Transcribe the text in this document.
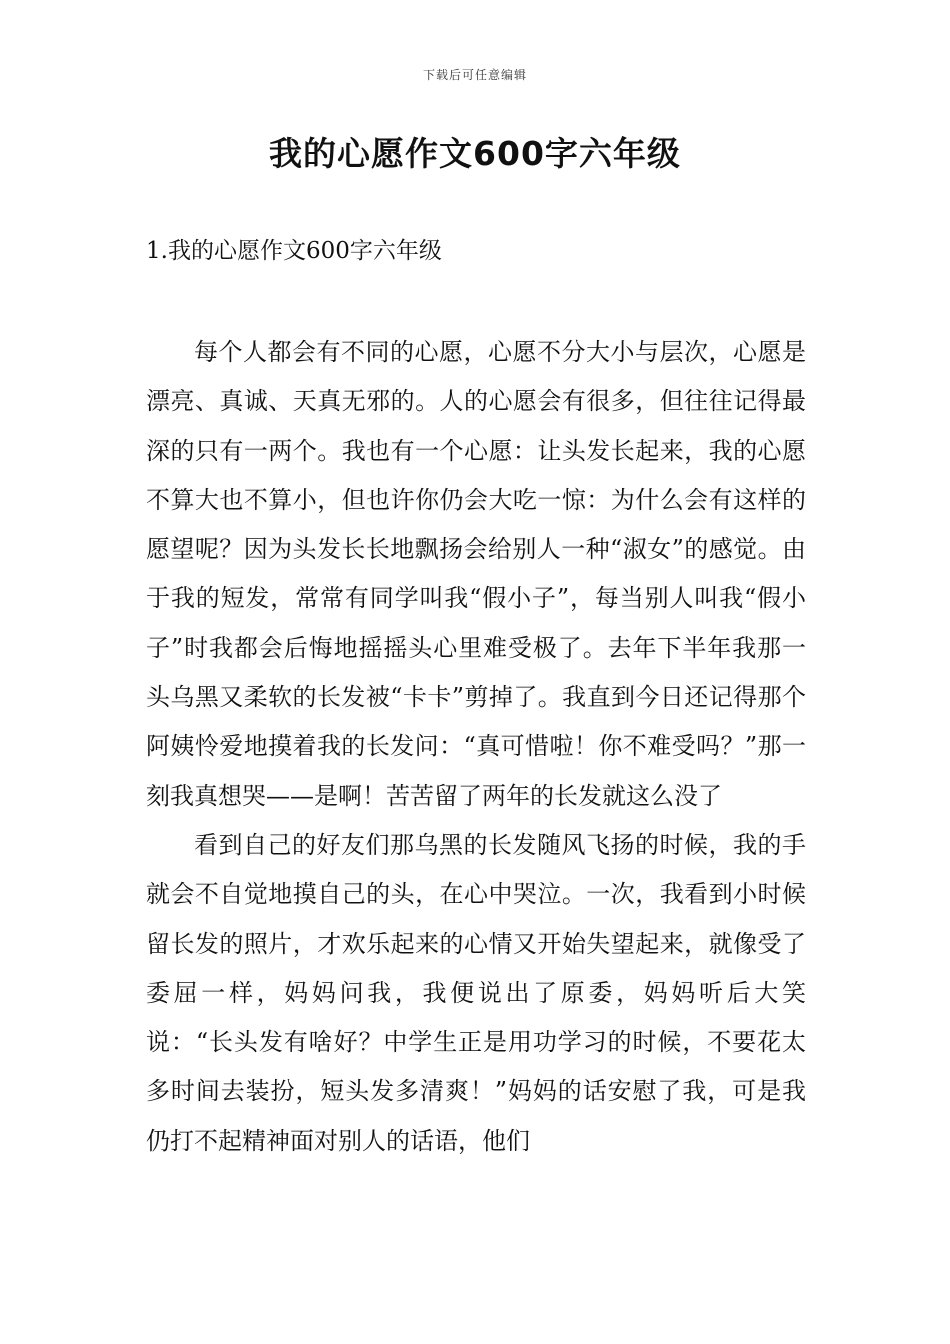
下载后可任意编辑
我的心愿作文600字六年级
1.我的心愿作文600字六年级

每个人都会有不同的心愿，心愿不分大小与层次，心愿是漂亮、真诚、天真无邪的。人的心愿会有很多，但往往记得最深的只有一两个。我也有一个心愿：让头发长起来，我的心愿不算大也不算小，但也许你仍会大吃一惊：为什么会有这样的愿望呢？因为头发长长地飘扬会给别人一种“淑女”的感觉。由于我的短发，常常有同学叫我“假小子”，每当别人叫我“假小子”时我都会后悔地摇摇头心里难受极了。去年下半年我那一头乌黑又柔软的长发被“卡卡”剪掉了。我直到今日还记得那个阿姨怜爱地摸着我的长发问：“真可惜啦！你不难受吗？”那一刻我真想哭——是啊！苦苦留了两年的长发就这么没了

看到自己的好友们那乌黑的长发随风飞扬的时候，我的手就会不自觉地摸自己的头，在心中哭泣。一次，我看到小时候留长发的照片，才欢乐起来的心情又开始失望起来，就像受了委屈一样，妈妈问我，我便说出了原委，妈妈听后大笑说：“长头发有啥好？中学生正是用功学习的时候，不要花太多时间去装扮，短头发多清爽！”妈妈的话安慰了我，可是我仍打不起精神面对别人的话语，他们
